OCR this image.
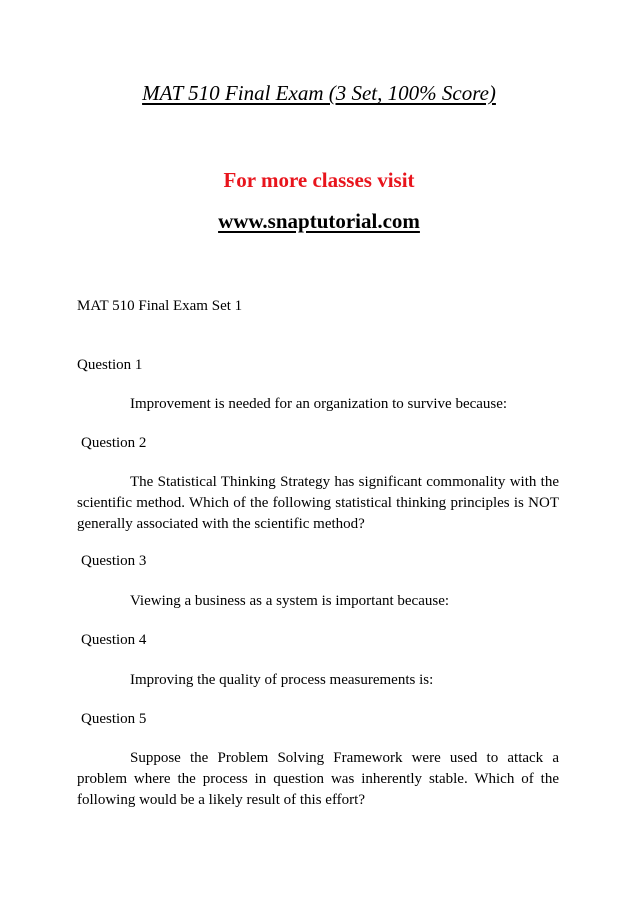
MAT 510 Final Exam (3 Set, 100% Score)
For more classes visit
www.snaptutorial.com
MAT 510 Final Exam Set 1
Question 1
Improvement is needed for an organization to survive because:
Question 2
The Statistical Thinking Strategy has significant commonality with the scientific method. Which of the following statistical thinking principles is NOT generally associated with the scientific method?
Question 3
Viewing a business as a system is important because:
Question 4
Improving the quality of process measurements is:
Question 5
Suppose the Problem Solving Framework were used to attack a problem where the process in question was inherently stable. Which of the following would be a likely result of this effort?
